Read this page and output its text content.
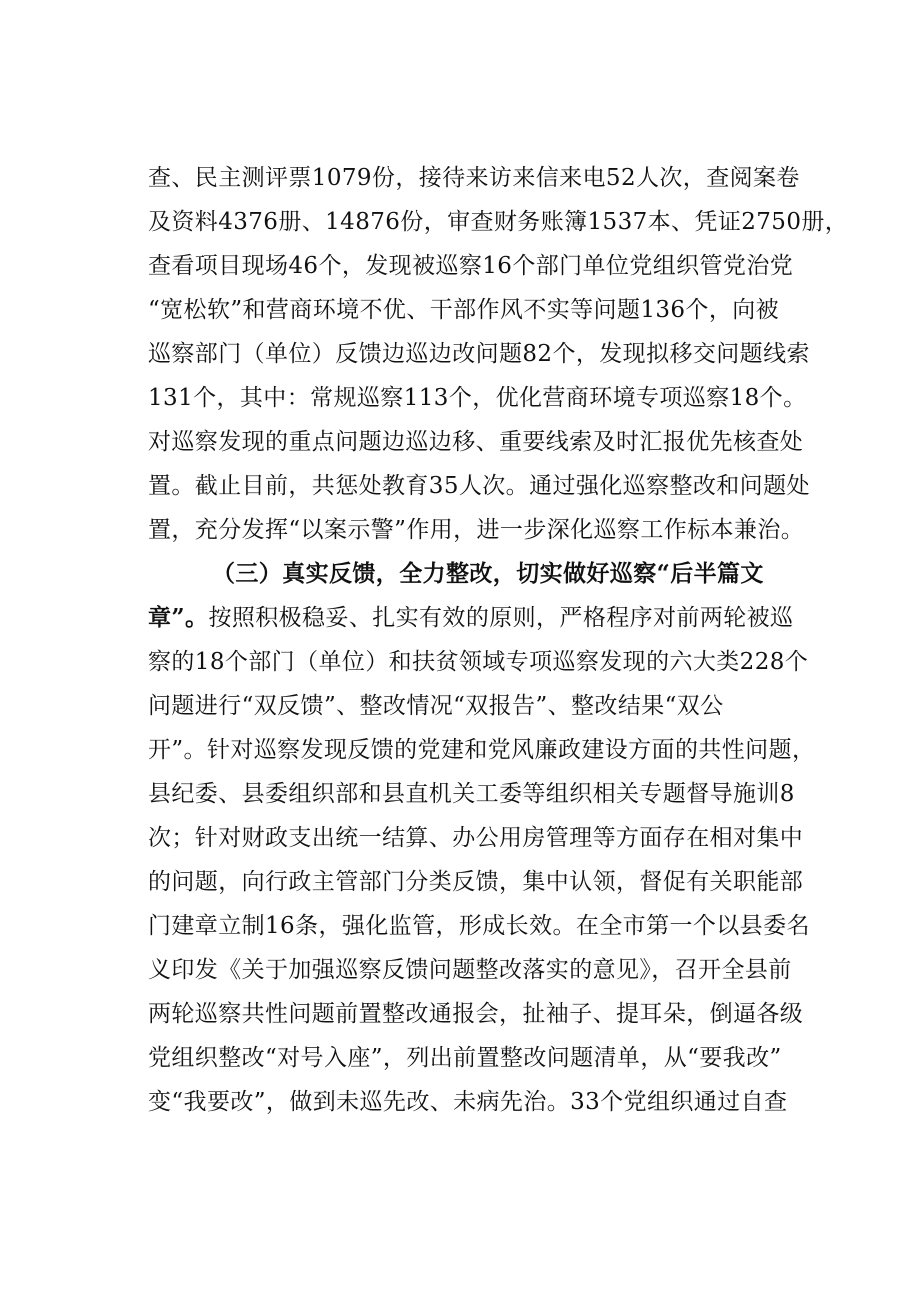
查、民主测评票1079份，接待来访来信来电52人次，查阅案卷
及资料4376册、14876份，审查财务账簿1537本、凭证2750册，
查看项目现场46个，发现被巡察16个部门单位党组织管党治党
“宽松软”和营商环境不优、干部作风不实等问题136个，向被
巡察部门（单位）反馈边巡边改问题82个，发现拟移交问题线索
131个，其中：常规巡察113个，优化营商环境专项巡察18个。
对巡察发现的重点问题边巡边移、重要线索及时汇报优先核查处
置。截止目前，共惩处教育35人次。通过强化巡察整改和问题处
置，充分发挥“以案示警”作用，进一步深化巡察工作标本兼治。
（三）真实反馈，全力整改，切实做好巡察“后半篇文
章”。按照积极稳妥、扎实有效的原则，严格程序对前两轮被巡
察的18个部门（单位）和扶贫领域专项巡察发现的六大类228个
问题进行“双反馈”、整改情况“双报告”、整改结果“双公
开”。针对巡察发现反馈的党建和党风廉政建设方面的共性问题，
县纪委、县委组织部和县直机关工委等组织相关专题督导施训8
次；针对财政支出统一结算、办公用房管理等方面存在相对集中
的问题，向行政主管部门分类反馈，集中认领，督促有关职能部
门建章立制16条，强化监管，形成长效。在全市第一个以县委名
义印发《关于加强巡察反馈问题整改落实的意见》，召开全县前
两轮巡察共性问题前置整改通报会，扯袖子、提耳朵，倒逼各级
党组织整改“对号入座”，列出前置整改问题清单，从“要我改”
变“我要改”，做到未巡先改、未病先治。33个党组织通过自查
